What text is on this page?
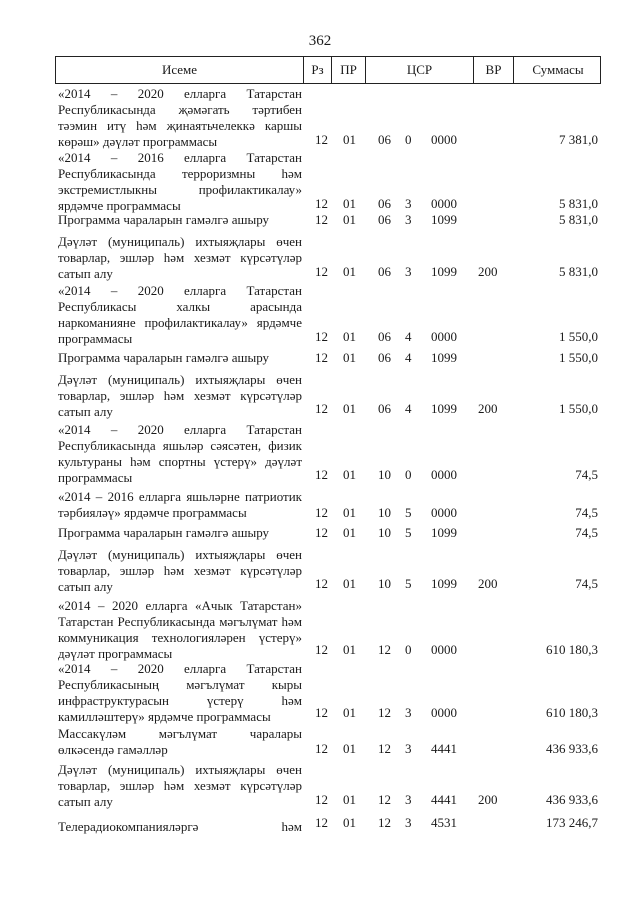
362
Исеме	Рз	ПР	ЦСР	ВР	Суммасы
«2014 – 2020 елларга Татарстан Республикасында җәмәгать тәртибен тәэмин итү һәм җинаятьчелеккә каршы көрәш» дәүләт программасы	12	01	06	0 0000	7 381,0
«2014 – 2016 елларга Татарстан Республикасында терроризмны һәм экстремистлыкны профилактикалау» ярдәмче программасы	12	01	06	3 0000	5 831,0
Программа чараларын гамәлгә ашыру	12	01	06	3 1099	5 831,0
Дәүләт (муниципаль) ихтыяҗлары өчен товарлар, эшләр һәм хезмәт күрсәтүләр сатып алу	12	01	06	3 1099	200	5 831,0
«2014 – 2020 елларга Татарстан Республикасы халкы арасында наркоманияне профилактикалау» ярдәмче программасы	12	01	06	4 0000	1 550,0
Программа чараларын гамәлгә ашыру	12	01	06	4 1099	1 550,0
Дәүләт (муниципаль) ихтыяҗлары өчен товарлар, эшләр һәм хезмәт күрсәтүләр сатып алу	12	01	06	4 1099	200	1 550,0
«2014 – 2020 елларга Татарстан Республикасында яшьләр сәясәтен, физик культураны һәм спортны үстерү» дәүләт программасы	12	01	10	0 0000	74,5
«2014 – 2016 елларга яшьләрне патриотик тәрбияләү» ярдәмче программасы	12	01	10	5 0000	74,5
Программа чараларын гамәлгә ашыру	12	01	10	5 1099	74,5
Дәүләт (муниципаль) ихтыяҗлары өчен товарлар, эшләр һәм хезмәт күрсәтүләр сатып алу	12	01	10	5 1099	200	74,5
«2014 – 2020 елларга «Ачык Татарстан» Татарстан Республикасында мәгълүмат һәм коммуникация технологияләрен үстерү» дәүләт программасы	12	01	12	0 0000	610 180,3
«2014 – 2020 елларга Татарстан Республикасының мәгълүмат кыры инфраструктурасын үстерү һәм камилләштерү» ярдәмче программасы	12	01	12	3 0000	610 180,3
Массакүләм мәгълүмат чаралары өлкәсендә гамәлләр	12	01	12	3 4441	436 933,6
Дәүләт (муниципаль) ихтыяҗлары өчен товарлар, эшләр һәм хезмәт күрсәтүләр сатып алу	12	01	12	3 4441	200	436 933,6
Телерадиокомпанияләргә һәм 12	01	12	3 4531	173 246,7
